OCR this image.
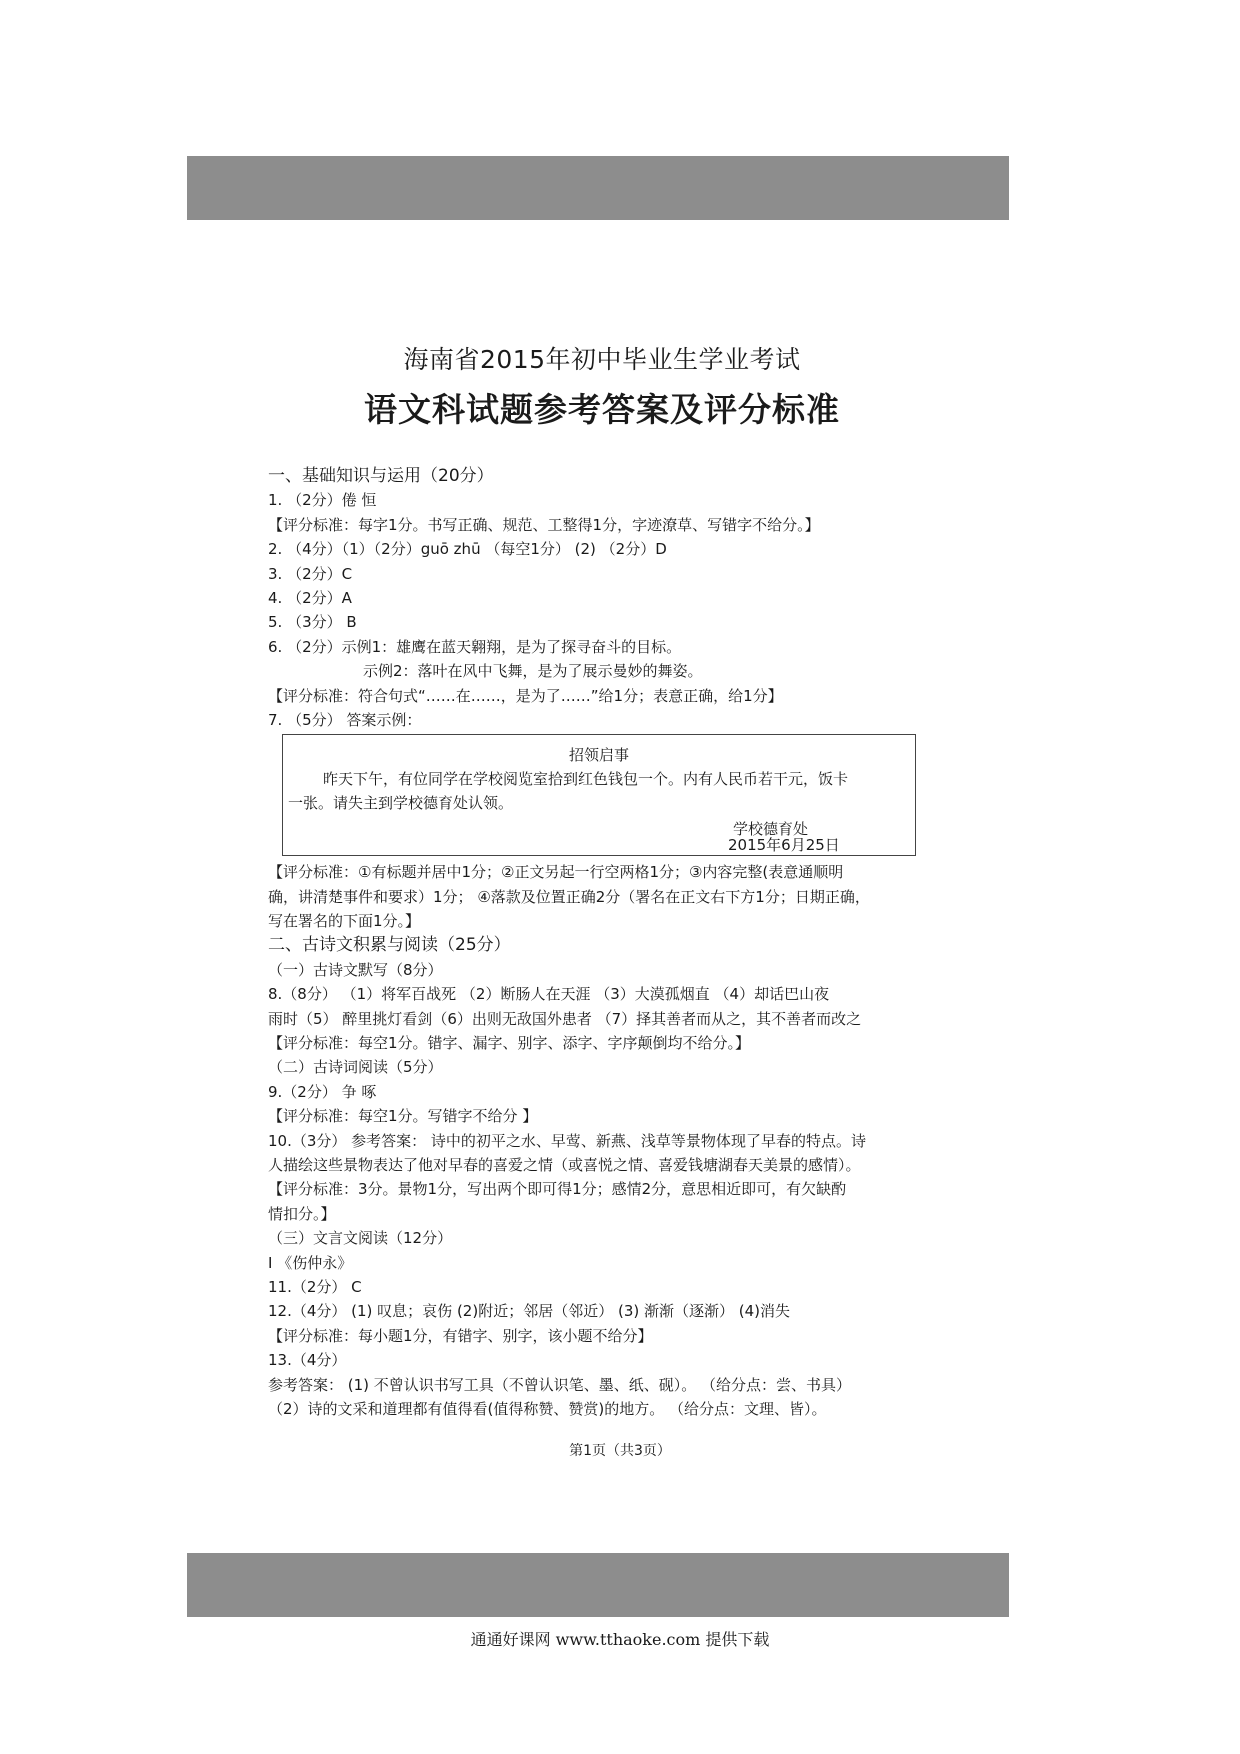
海南省2015年初中毕业生学业考试
语文科试题参考答案及评分标准
一、基础知识与运用（20分）
1. （2分）倦 恒
【评分标准：每字1分。书写正确、规范、工整得1分，字迹潦草、写错字不给分。】
2. （4分）（1）（2分）guō zhū （每空1分） (2) （2分）D
3. （2分）C
4. （2分）A
5. （3分） B
6. （2分）示例1：雄鹰在蓝天翱翔，是为了探寻奋斗的目标。
示例2：落叶在风中飞舞，是为了展示曼妙的舞姿。
【评分标准：符合句式“……在……，是为了……”给1分；表意正确，给1分】
7. （5分） 答案示例：
招领启事
昨天下午，有位同学在学校阅览室拾到红色钱包一个。内有人民币若干元，饭卡
一张。请失主到学校德育处认领。
学校德育处
2015年6月25日
【评分标准：①有标题并居中1分；②正文另起一行空两格1分；③内容完整(表意通顺明
确，讲清楚事件和要求）1分； ④落款及位置正确2分（署名在正文右下方1分；日期正确，
写在署名的下面1分。】
二、古诗文积累与阅读（25分）
（一）古诗文默写（8分）
8.（8分） （1）将军百战死 （2）断肠人在天涯 （3）大漠孤烟直 （4）却话巴山夜
雨时（5） 醉里挑灯看剑（6）出则无敌国外患者 （7）择其善者而从之，其不善者而改之
【评分标准：每空1分。错字、漏字、别字、添字、字序颠倒均不给分。】
（二）古诗词阅读（5分）
9.（2分） 争 啄
【评分标准：每空1分。写错字不给分 】
10.（3分） 参考答案： 诗中的初平之水、早莺、新燕、浅草等景物体现了早春的特点。诗
人描绘这些景物表达了他对早春的喜爱之情（或喜悦之情、喜爱钱塘湖春天美景的感情）。
【评分标准：3分。景物1分，写出两个即可得1分；感情2分，意思相近即可，有欠缺酌
情扣分。】
（三）文言文阅读（12分）
Ⅰ 《伤仲永》
11.（2分） C
12.（4分） (1) 叹息；哀伤 (2)附近；邻居（邻近） (3) 渐渐（逐渐） (4)消失
【评分标准：每小题1分，有错字、别字，该小题不给分】
13.（4分）
参考答案： (1) 不曾认识书写工具（不曾认识笔、墨、纸、砚）。 （给分点：尝、书具）
（2）诗的文采和道理都有值得看(值得称赞、赞赏)的地方。 （给分点：文理、皆）。
第1页（共3页）
通通好课网 www.tthaoke.com 提供下载
